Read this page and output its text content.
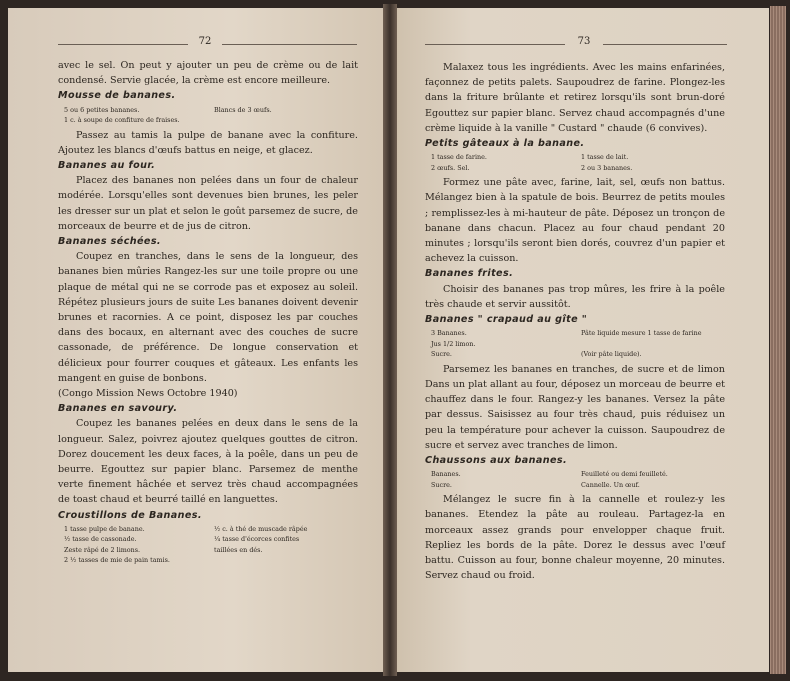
72

avec le sel. On peut y ajouter un peu de crème ou de lait condensé. Servie glacée, la crème est encore meilleure.

Mousse de bananes.
5 ou 6 petites bananes.	Blancs de 3 œufs.
1 c. à soupe de confiture de fraises.

Passez au tamis la pulpe de banane avec la confiture. Ajoutez les blancs d'œufs battus en neige, et glacez.

Bananes au four.

Placez des bananes non pelées dans un four de chaleur modérée. Lorsqu'elles sont devenues bien brunes, les peler les dresser sur un plat et selon le goût parsemez de sucre, de morceaux de beurre et de jus de citron.

Bananes séchées.

Coupez en tranches, dans le sens de la longueur, des bananes bien mûries Rangez-les sur une toile propre ou une plaque de métal qui ne se corrode pas et exposez au soleil. Répétez plusieurs jours de suite Les bananes doivent devenir brunes et racornies. A ce point, disposez les par couches dans des bocaux, en alternant avec des couches de sucre cassonade, de préférence. De longue conservation et délicieux pour fourrer couques et gâteaux. Les enfants les mangent en guise de bonbons.

(Congo Mission News Octobre 1940)

Bananes en savoury.

Coupez les bananes pelées en deux dans le sens de la longueur. Salez, poivrez ajoutez quelques gouttes de citron. Dorez doucement les deux faces, à la poêle, dans un peu de beurre. Egouttez sur papier blanc. Parsemez de menthe verte finement hâchée et servez très chaud accompagnées de toast chaud et beurré taillé en languettes.

Croustillons de Bananes.
1 tasse pulpe de banane.	½ c. à thé de muscade râpée
½ tasse de cassonade.	¼ tasse d'écorces confites
Zeste râpé de 2 limons.	taillées en dés.
2 ½ tasses de mie de pain tamis.
73

Malaxez tous les ingrédients. Avec les mains enfarinées, façonnez de petits palets. Saupoudrez de farine. Plongez-les dans la friture brûlante et retirez lorsqu'ils sont brun-doré Egouttez sur papier blanc. Servez chaud accompagnés d'une crème liquide à la vanille " Custard " chaude (6 convives).

Petits gâteaux à la banane.
1 tasse de farine.	1 tasse de lait.
2 œufs. Sel.	2 ou 3 bananes.

Formez une pâte avec, farine, lait, sel, œufs non battus. Mélangez bien à la spatule de bois. Beurrez de petits moules ; remplissez-les à mi-hauteur de pâte. Déposez un tronçon de banane dans chacun. Placez au four chaud pendant 20 minutes ; lorsqu'ils seront bien dorés, couvrez d'un papier et achevez la cuisson.

Bananes frites.

Choisir des bananes pas trop mûres, les frire à la poêle très chaude et servir aussitôt.

Bananes " crapaud au gîte "
3 Bananes.	Pâte liquide mesure 1 tasse de farine
Jus 1/2 limon.
Sucre.	(Voir pâte liquide).

Parsemez les bananes en tranches, de sucre et de limon Dans un plat allant au four, déposez un morceau de beurre et chauffez dans le four. Rangez-y les bananes. Versez la pâte par dessus. Saisissez au four très chaud, puis réduisez un peu la température pour achever la cuisson. Saupoudrez de sucre et servez avec tranches de limon.

Chaussons aux bananes.
Bananes.	Feuilleté ou demi feuilleté.
Sucre.	Cannelle. Un œuf.

Mélangez le sucre fin à la cannelle et roulez-y les bananes. Etendez la pâte au rouleau. Partagez-la en morceaux assez grands pour envelopper chaque fruit. Repliez les bords de la pâte. Dorez le dessus avec l'œuf battu. Cuisson au four, bonne chaleur moyenne, 20 minutes. Servez chaud ou froid.
